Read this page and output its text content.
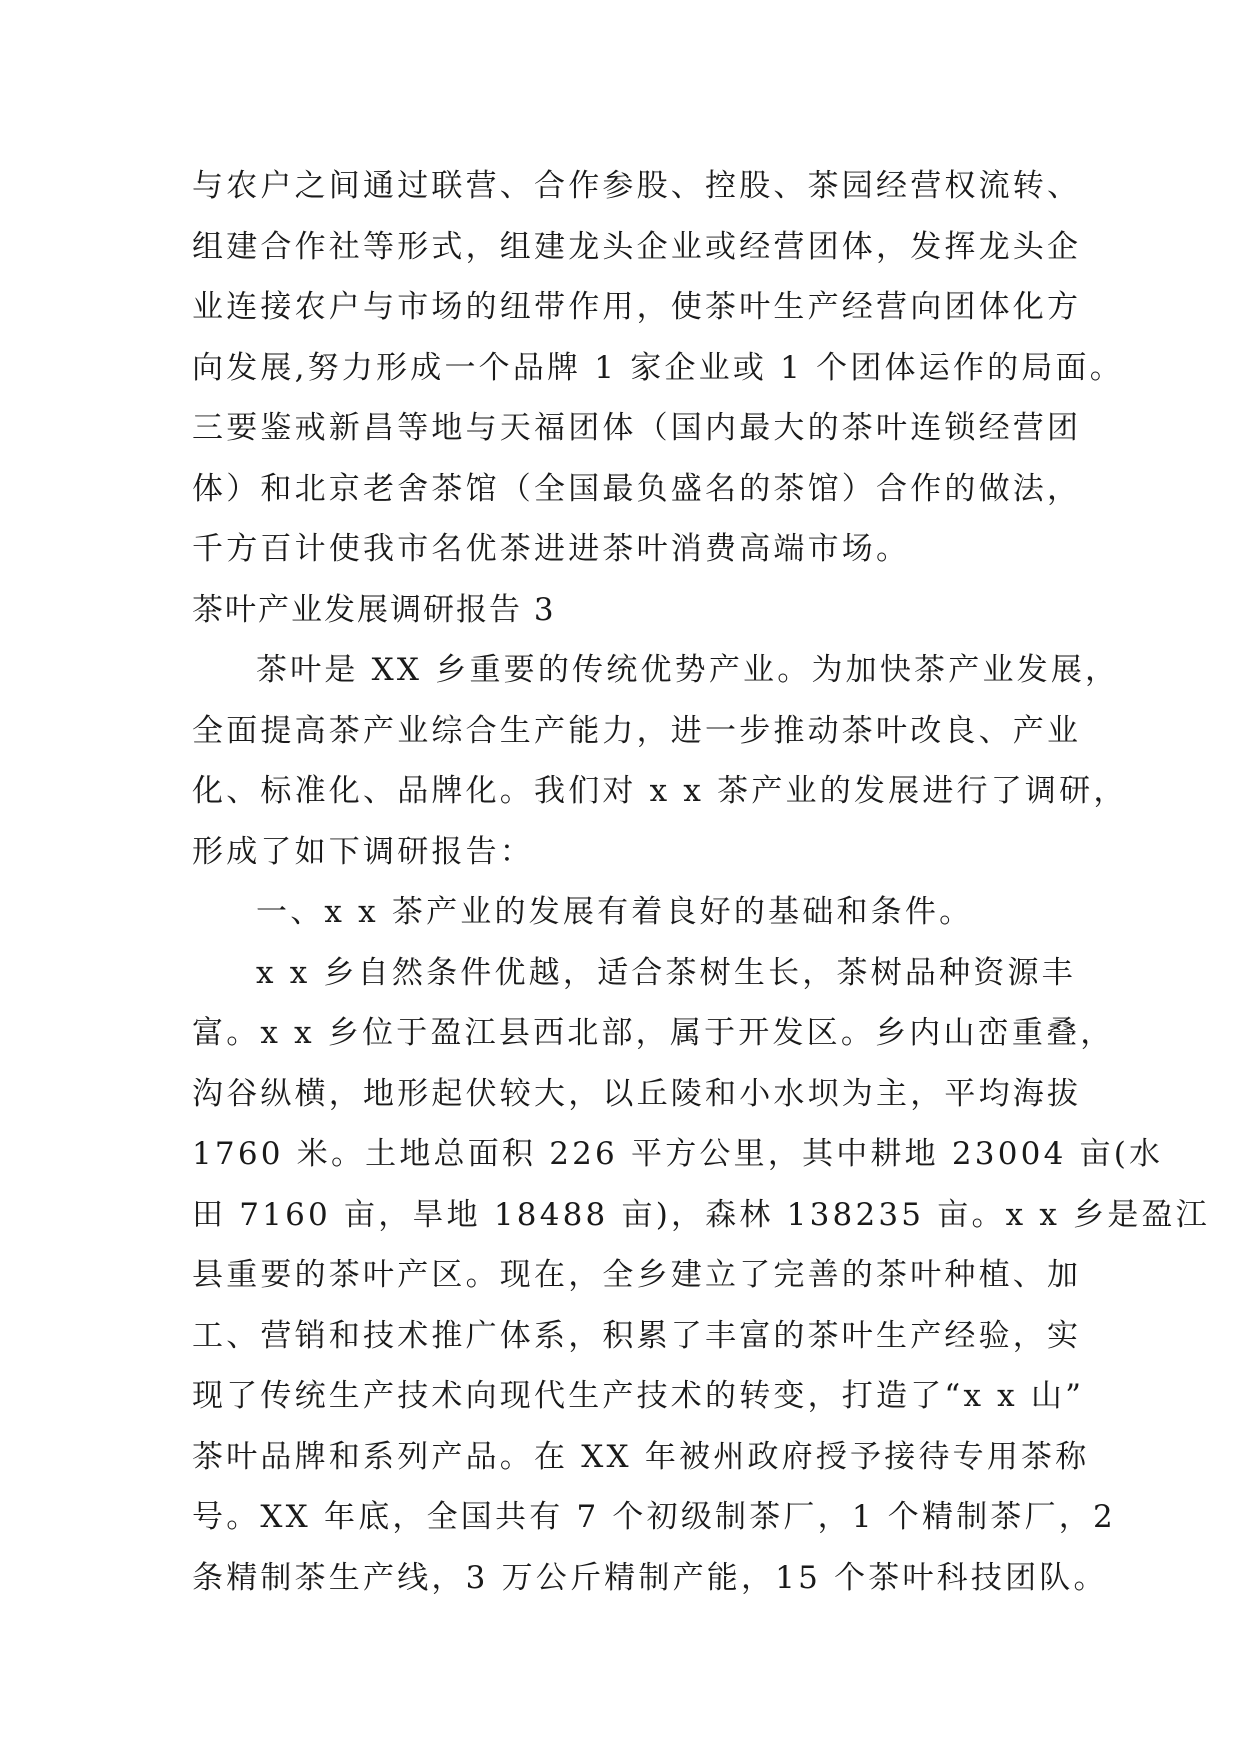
与农户之间通过联营、合作参股、控股、茶园经营权流转、
组建合作社等形式，组建龙头企业或经营团体，发挥龙头企
业连接农户与市场的纽带作用，使茶叶生产经营向团体化方
向发展,努力形成一个品牌 1 家企业或 1 个团体运作的局面。
三要鉴戒新昌等地与天福团体（国内最大的茶叶连锁经营团
体）和北京老舍茶馆（全国最负盛名的茶馆）合作的做法，
千方百计使我市名优茶进进茶叶消费高端市场。
茶叶产业发展调研报告 3
茶叶是 XX 乡重要的传统优势产业。为加快茶产业发展，
全面提高茶产业综合生产能力，进一步推动茶叶改良、产业
化、标准化、品牌化。我们对 x x 茶产业的发展进行了调研，
形成了如下调研报告：
一、x x 茶产业的发展有着良好的基础和条件。
x x 乡自然条件优越，适合茶树生长，茶树品种资源丰
富。x x 乡位于盈江县西北部，属于开发区。乡内山峦重叠，
沟谷纵横，地形起伏较大，以丘陵和小水坝为主，平均海拔
1760 米。土地总面积 226 平方公里，其中耕地 23004 亩(水
田 7160 亩，旱地 18488 亩)，森林 138235 亩。x x 乡是盈江
县重要的茶叶产区。现在，全乡建立了完善的茶叶种植、加
工、营销和技术推广体系，积累了丰富的茶叶生产经验，实
现了传统生产技术向现代生产技术的转变，打造了“x x 山”
茶叶品牌和系列产品。在 XX 年被州政府授予接待专用茶称
号。XX 年底，全国共有 7 个初级制茶厂，1 个精制茶厂，2
条精制茶生产线，3 万公斤精制产能，15 个茶叶科技团队。
